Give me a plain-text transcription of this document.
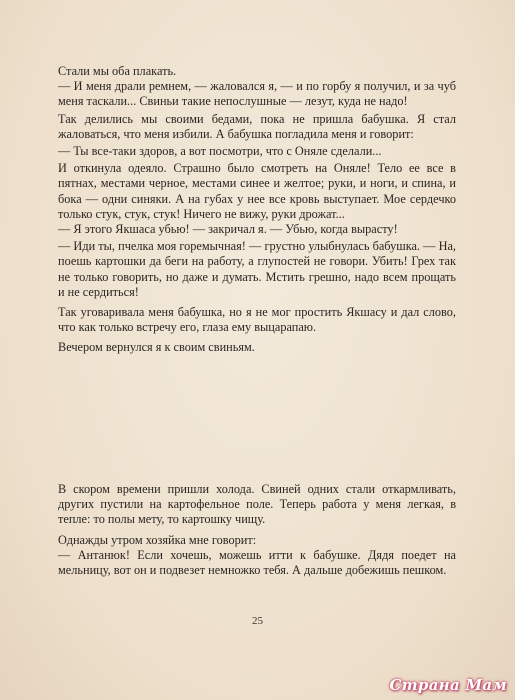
Стали мы оба плакать.

— И меня драли ремнем, — жаловался я, — и по горбу я получил, и за чуб меня таскали... Свиньи такие непослушные — лезут, куда не надо!

Так делились мы своими бедами, пока не пришла бабушка. Я стал жаловаться, что меня избили. А бабушка погладила меня и говорит:

— Ты все-таки здоров, а вот посмотри, что с Оняле сделали...

И откинула одеяло. Страшно было смотреть на Оняле! Тело ее все в пятнах, местами черное, местами синее и желтое; руки, и ноги, и спина, и бока — одни синяки. А на губах у нее все кровь выступает. Мое сердечко только стук, стук, стук! Ничего не вижу, руки дрожат...

— Я этого Якшаса убью! — закричал я. — Убью, когда вырасту!

— Иди ты, пчелка моя горемычная! — грустно улыбнулась бабушка. — На, поешь картошки да беги на работу, а глупостей не говори. Убить! Грех так не только говорить, но даже и думать. Мстить грешно, надо всем прощать и не сердиться!

Так уговаривала меня бабушка, но я не мог простить Якшасу и дал слово, что как только встречу его, глаза ему выцарапаю.

Вечером вернулся я к своим свиньям.

В скором времени пришли холода. Свиней одних стали откармливать, других пустили на картофельное поле. Теперь работа у меня легкая, в тепле: то полы мету, то картошку чищу.

Однажды утром хозяйка мне говорит:

— Антанюк! Если хочешь, можешь итти к бабушке. Дядя поедет на мельницу, вот он и подвезет немножко тебя. А дальше добежишь пешком.

25
Страна Мам
